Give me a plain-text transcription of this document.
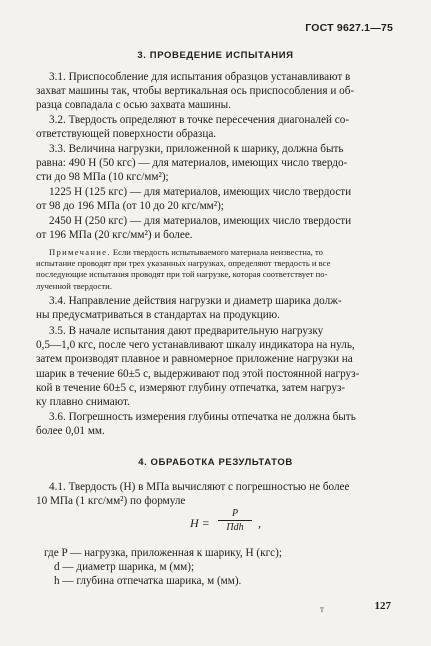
ГОСТ 9627.1—75
3. ПРОВЕДЕНИЕ ИСПЫТАНИЯ
3.1. Приспособление для испытания образцов устанавливают в
захват машины так, чтобы вертикальная ось приспособления и об-
разца совпадала с осью захвата машины.
3.2. Твердость определяют в точке пересечения диагоналей со-
ответствующей поверхности образца.
3.3. Величина нагрузки, приложенной к шарику, должна быть
равна: 490 Н (50 кгс) — для материалов, имеющих число твердо-
сти до 98 МПа (10 кгс/мм²);
1225 Н (125 кгс) — для материалов, имеющих число твердости
от 98 до 196 МПа (от 10 до 20 кгс/мм²);
2450 Н (250 кгс) — для материалов, имеющих число твердости
от 196 МПа (20 кгс/мм²) и более.
Примечание. Если твердость испытываемого материала неизвестна, то
испытание проводят при трех указанных нагрузках, определяют твердость и все
последующие испытания проводят при той нагрузке, которая соответствует по-
лученной твердости.
3.4. Направление действия нагрузки и диаметр шарика долж-
ны предусматриваться в стандартах на продукцию.
3.5. В начале испытания дают предварительную нагрузку
0,5—1,0 кгс, после чего устанавливают шкалу индикатора на нуль,
затем производят плавное и равномерное приложение нагрузки на
шарик в течение 60±5 с, выдерживают под этой постоянной нагруз-
кой в течение 60±5 с, измеряют глубину отпечатка, затем нагруз-
ку плавно снимают.
3.6. Погрешность измерения глубины отпечатка не должна быть
более 0,01 мм.
4. ОБРАБОТКА РЕЗУЛЬТАТОВ
4.1. Твердость (H) в МПа вычисляют с погрешностью не более
10 МПа (1 кгс/мм²) по формуле
H =
P
Пdh	,
где P — нагрузка, приложенная к шарику, Н (кгс);
d — диаметр шарика, м (мм);
h — глубина отпечатка шарика, м (мм).
т	127
